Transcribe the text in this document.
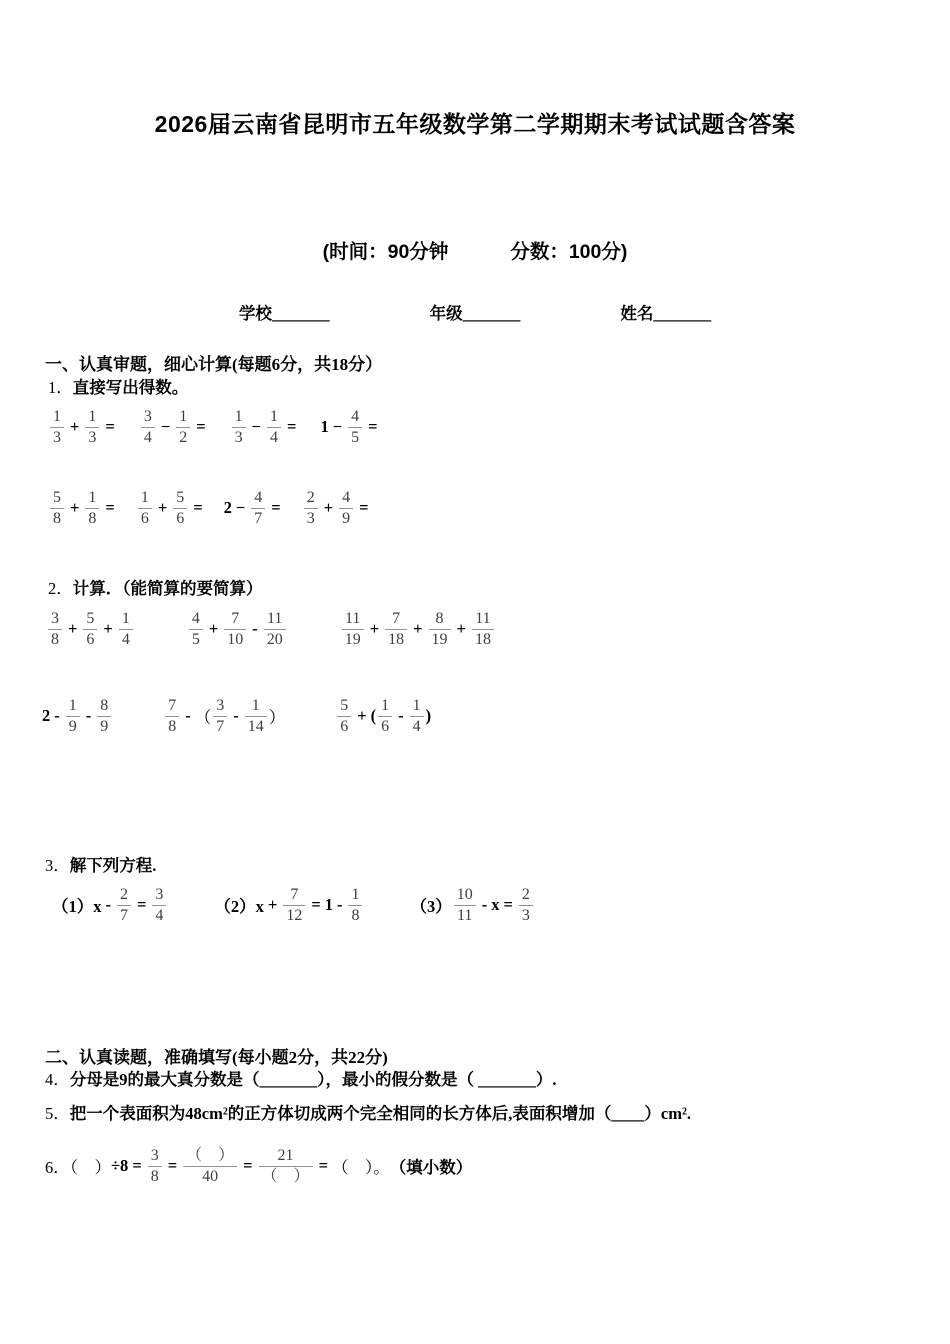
2026届云南省昆明市五年级数学第二学期期末考试试题含答案
(时间：90分钟	分数：100分)
学校_______	年级_______	姓名_______
一、认真审题，细心计算(每题6分，共18分）
1． 直接写出得数。
$\frac{1}{3} + \frac{1}{3} = \frac{3}{4} - \frac{1}{2} = \frac{1}{3} - \frac{1}{4} = 1 - \frac{4}{5}$ =
$\frac{5}{8} + \frac{1}{8} = \frac{1}{6} + \frac{5}{6} = 2 - \frac{4}{7} = \frac{2}{3} + \frac{4}{9}$ =
2． 计算．（能简算的要简算）
$\frac{3}{8} + \frac{5}{6} + \frac{1}{4}$	$\frac{4}{5} + \frac{7}{10} - \frac{11}{20}$	$\frac{11}{19} + \frac{7}{18} + \frac{8}{19} + \frac{11}{18}$
$2 - \frac{1}{9} - \frac{8}{9}$	$\frac{7}{8}$ - （ $\frac{3}{7} - \frac{1}{14}$ ）	$\frac{5}{6}$ + ( $\frac{1}{6} - \frac{1}{4}$ )
3． 解下列方程.
$(1)x - \frac{2}{7} = \frac{3}{4}$	$(2)x + \frac{7}{12} = 1 - \frac{1}{8}$	$(3) \frac{10}{11} - x = \frac{2}{3}$
二、认真读题，准确填写(每小题2分，共22分)
4． 分母是9的最大真分数是（_______），最小的假分数是（ _______）.
5． 把一个表面积为48cm²的正方体切成两个完全相同的长方体后,表面积增加（____）cm².
6．（　） $\div 8 = \frac{3}{8} = \frac{( )}{40} = \frac{21}{( )}$ = （　）。 （填小数）
